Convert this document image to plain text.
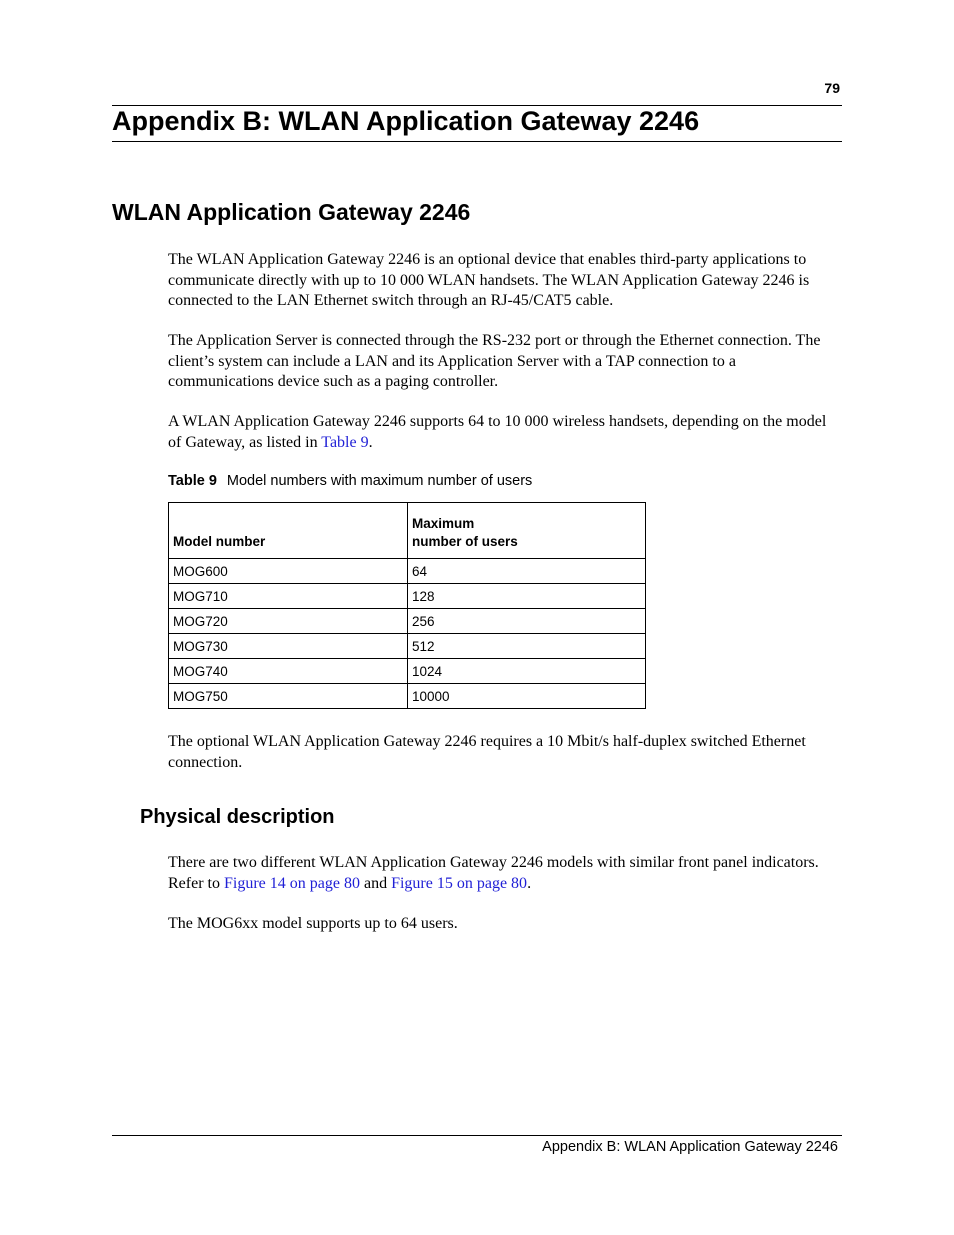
79
Appendix B: WLAN Application Gateway 2246
WLAN Application Gateway 2246
The WLAN Application Gateway 2246 is an optional device that enables third-party applications to communicate directly with up to 10 000 WLAN handsets. The WLAN Application Gateway 2246 is connected to the LAN Ethernet switch through an RJ-45/CAT5 cable.
The Application Server is connected through the RS-232 port or through the Ethernet connection. The client’s system can include a LAN and its Application Server with a TAP connection to a communications device such as a paging controller.
A WLAN Application Gateway 2246 supports 64 to 10 000 wireless handsets, depending on the model of Gateway, as listed in Table 9.
Table 9 Model numbers with maximum number of users
Model number	Maximum
number of users
MOG600	64
MOG710	128
MOG720	256
MOG730	512
MOG740	1024
MOG750	10000
The optional WLAN Application Gateway 2246 requires a 10 Mbit/s half-duplex switched Ethernet connection.
Physical description
There are two different WLAN Application Gateway 2246 models with similar front panel indicators. Refer to Figure 14 on page 80 and Figure 15 on page 80.
The MOG6xx model supports up to 64 users.
Appendix B: WLAN Application Gateway 2246
